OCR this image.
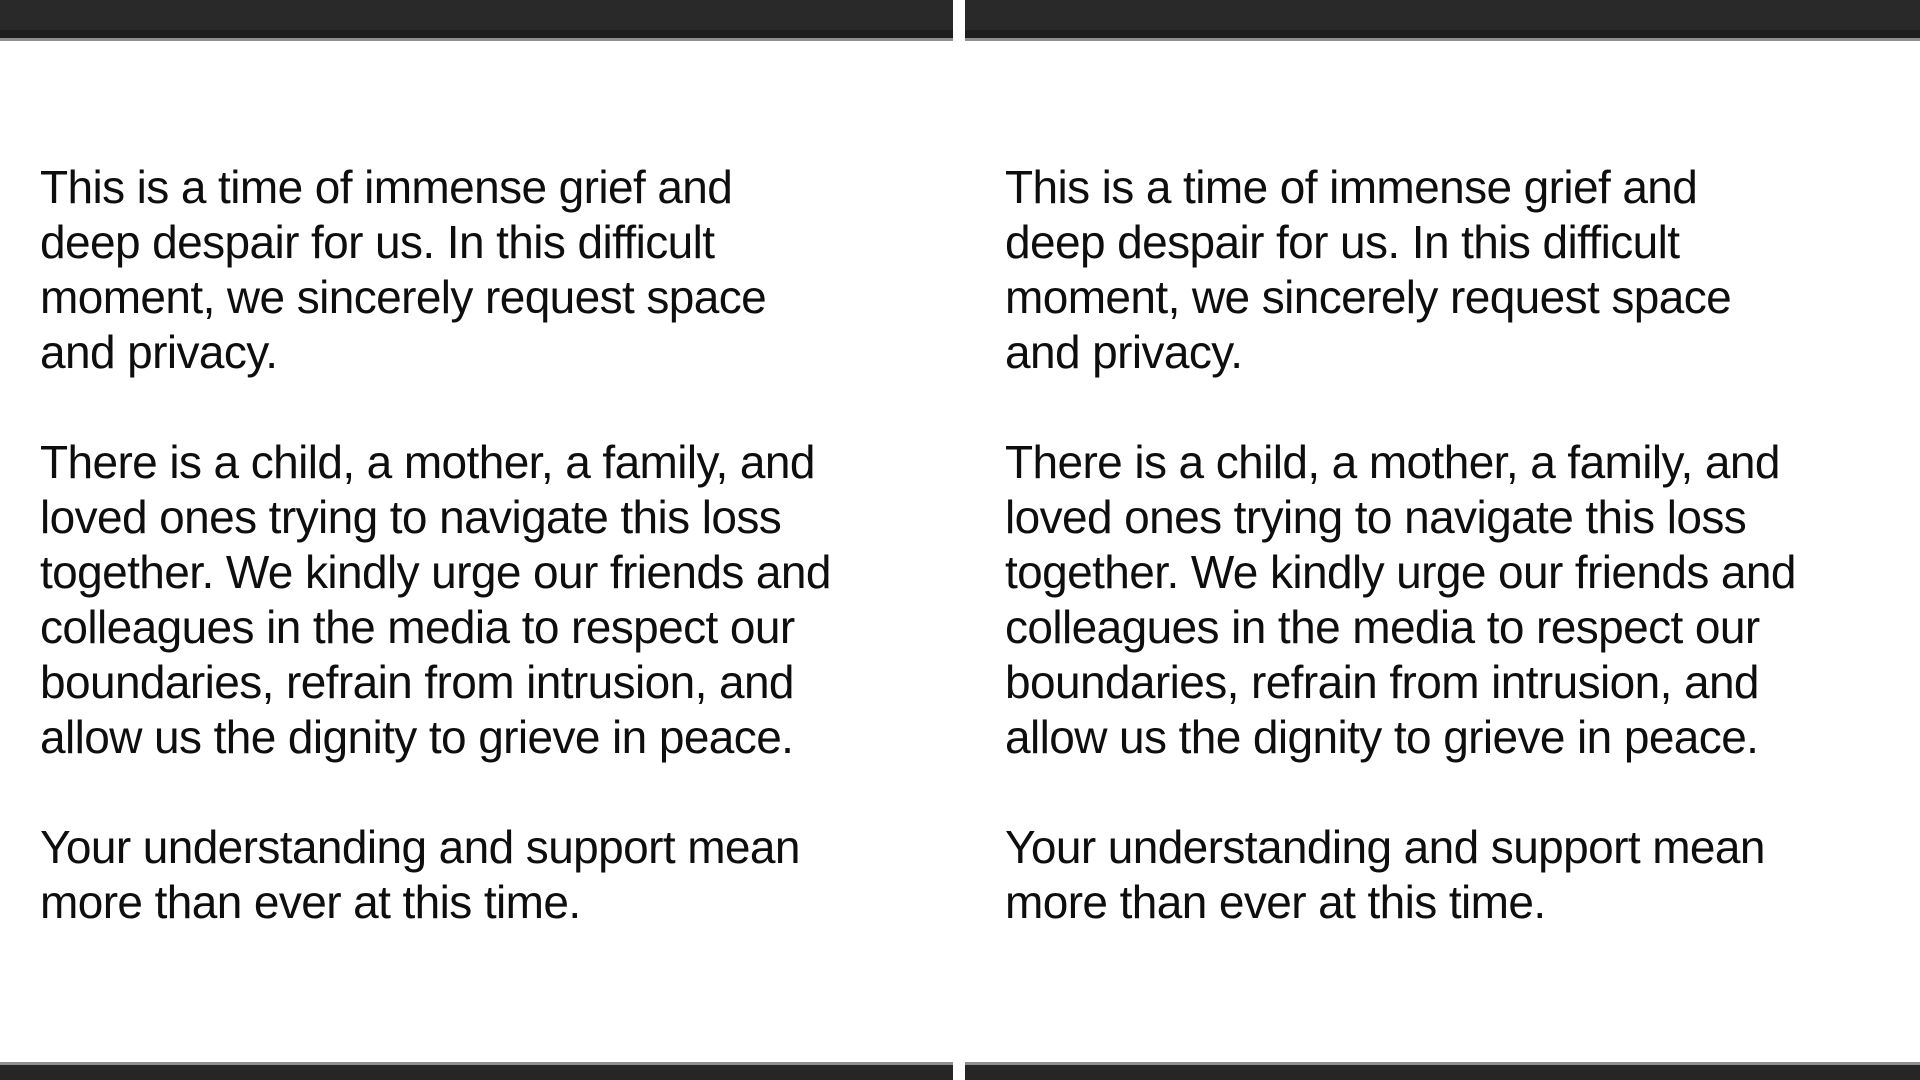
This is a time of immense grief and
deep despair for us. In this difficult
moment, we sincerely request space
and privacy.
There is a child, a mother, a family, and
loved ones trying to navigate this loss
together. We kindly urge our friends and
colleagues in the media to respect our
boundaries, refrain from intrusion, and
allow us the dignity to grieve in peace.
Your understanding and support mean
more than ever at this time.
This is a time of immense grief and
deep despair for us. In this difficult
moment, we sincerely request space
and privacy.
There is a child, a mother, a family, and
loved ones trying to navigate this loss
together. We kindly urge our friends and
colleagues in the media to respect our
boundaries, refrain from intrusion, and
allow us the dignity to grieve in peace.
Your understanding and support mean
more than ever at this time.
